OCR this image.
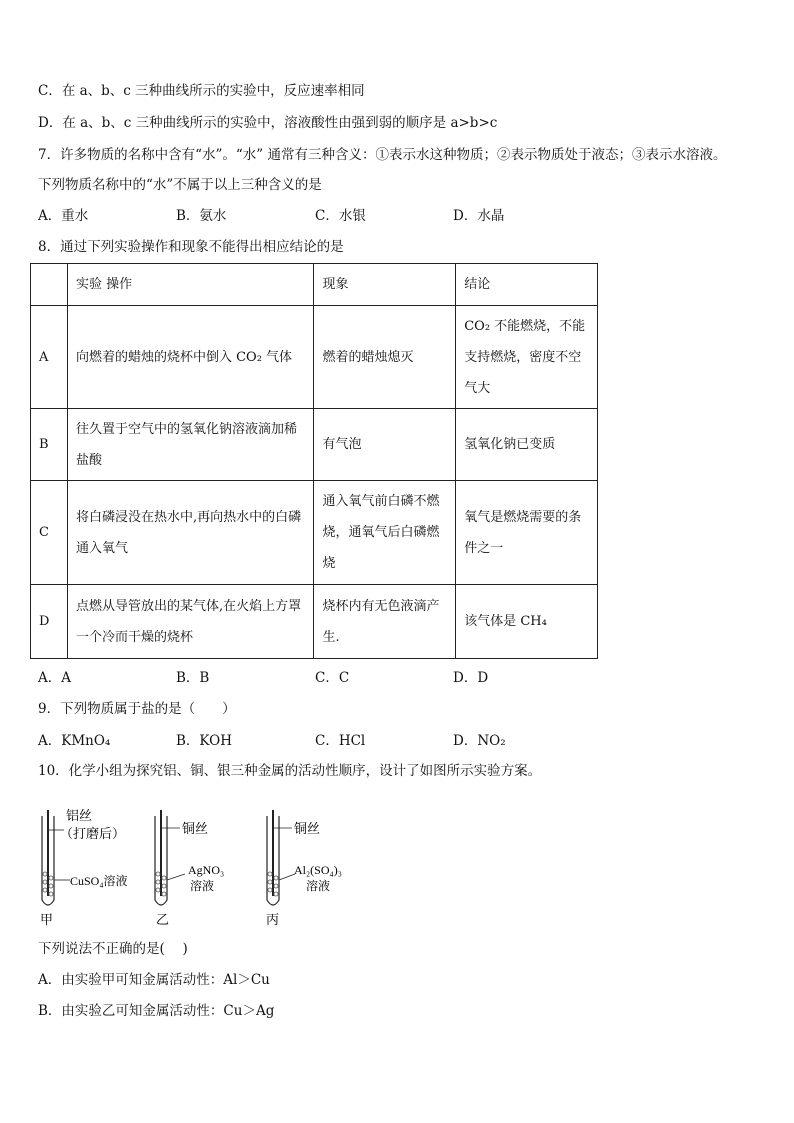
C．在 a、b、c 三种曲线所示的实验中，反应速率相同
D．在 a、b、c 三种曲线所示的实验中，溶液酸性由强到弱的顺序是 a>b>c
7．许多物质的名称中含有“水”。“水” 通常有三种含义：①表示水这种物质；②表示物质处于液态；③表示水溶液。
下列物质名称中的“水”不属于以上三种含义的是
A．重水	B．氨水	C．水银	D．水晶
8．通过下列实验操作和现象不能得出相应结论的是
	实验 操作	现象	结论
A	向燃着的蜡烛的烧杯中倒入 CO₂ 气体	燃着的蜡烛熄灭	CO₂ 不能燃烧，不能支持燃烧，密度不空气大
B	往久置于空气中的氢氧化钠溶液滴加稀盐酸	有气泡	氢氧化钠已变质
C	将白磷浸没在热水中,再向热水中的白磷通入氧气	通入氧气前白磷不燃烧，通氧气后白磷燃烧	氧气是燃烧需要的条件之一
D	点燃从导管放出的某气体,在火焰上方罩一个冷而干燥的烧杯	烧杯内有无色液滴产生.	该气体是 CH₄
A．A	B．B	C．C	D．D
9．下列物质属于盐的是（　　）
A．KMnO₄	B．KOH	C．HCl	D．NO₂
10．化学小组为探究铝、铜、银三种金属的活动性顺序，设计了如图所示实验方案。
铝丝
（打磨后）
CuSO₄溶液
甲
铜丝
AgNO₃
溶液
乙
铜丝
Al₂(SO₄)₃
溶液
丙
下列说法不正确的是(　 )
A．由实验甲可知金属活动性：Al＞Cu
B．由实验乙可知金属活动性：Cu＞Ag
